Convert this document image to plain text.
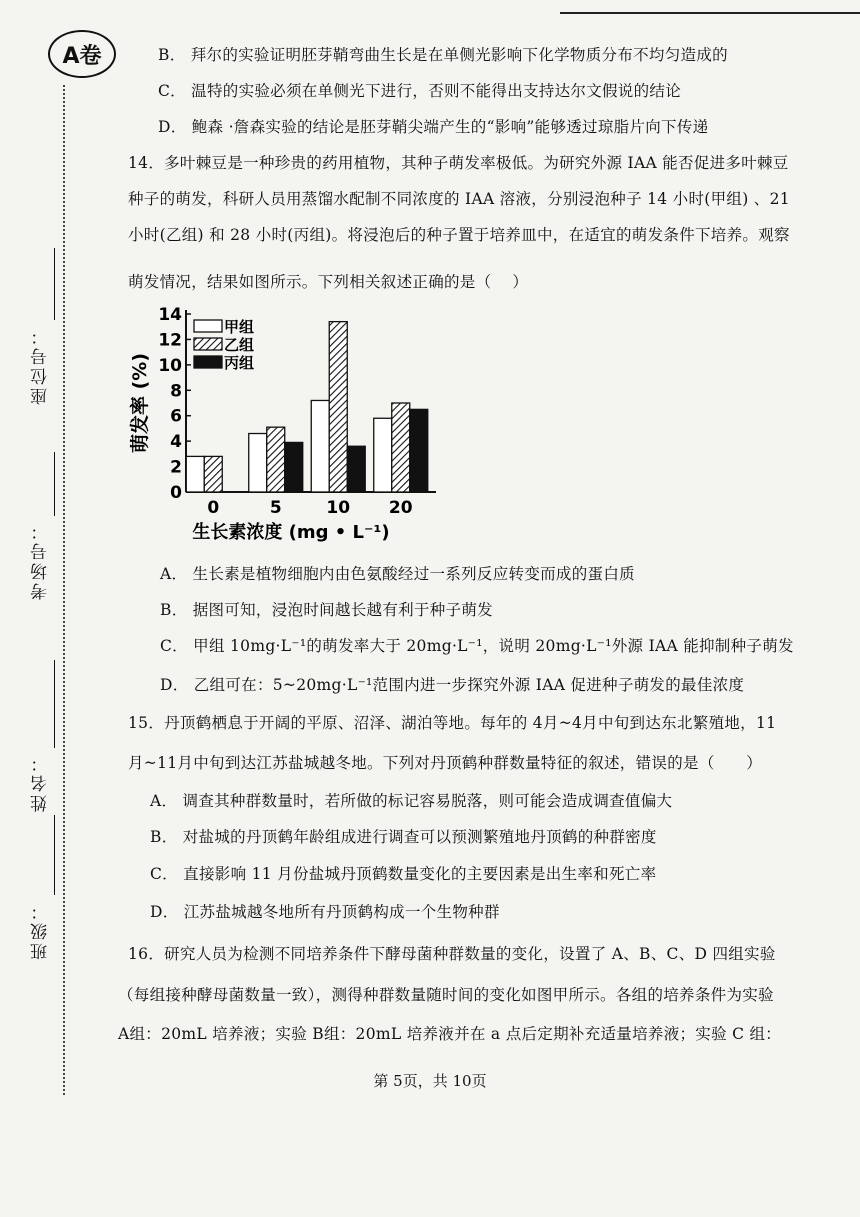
A卷
座位号：
考场号：
姓名：
班级：
B． 拜尔的实验证明胚芽鞘弯曲生长是在单侧光影响下化学物质分布不均匀造成的
C． 温特的实验必须在单侧光下进行，否则不能得出支持达尔文假说的结论
D． 鲍森 ·詹森实验的结论是胚芽鞘尖端产生的“影响”能够透过琼脂片向下传递
14．多叶棘豆是一种珍贵的药用植物，其种子萌发率极低。为研究外源 IAA 能否促进多叶棘豆
种子的萌发，科研人员用蒸馏水配制不同浓度的 IAA 溶液，分别浸泡种子 14 小时(甲组) 、21
小时(乙组) 和 28 小时(丙组)。将浸泡后的种子置于培养皿中，在适宜的萌发条件下培养。观察
萌发情况，结果如图所示。下列相关叙述正确的是（　 ）
0
2
4
6
8
10
12
14
萌发率 (%)
0	5	10 20
生长素浓度 (mg • L⁻¹)
甲组
乙组
丙组
A． 生长素是植物细胞内由色氨酸经过一系列反应转变而成的蛋白质
B． 据图可知，浸泡时间越长越有利于种子萌发
C． 甲组 10mg·L⁻¹的萌发率大于 20mg·L⁻¹，说明 20mg·L⁻¹外源 IAA 能抑制种子萌发
D． 乙组可在：5~20mg·L⁻¹范围内进一步探究外源 IAA 促进种子萌发的最佳浓度
15．丹顶鹤栖息于开阔的平原、沼泽、湖泊等地。每年的 4月~4月中旬到达东北繁殖地，11
月~11月中旬到达江苏盐城越冬地。下列对丹顶鹤种群数量特征的叙述，错误的是（　　）
A． 调查其种群数量时，若所做的标记容易脱落，则可能会造成调查值偏大
B． 对盐城的丹顶鹤年龄组成进行调查可以预测繁殖地丹顶鹤的种群密度
C． 直接影响 11 月份盐城丹顶鹤数量变化的主要因素是出生率和死亡率
D． 江苏盐城越冬地所有丹顶鹤构成一个生物种群
16．研究人员为检测不同培养条件下酵母菌种群数量的变化，设置了 A、B、C、D 四组实验
（每组接种酵母菌数量一致），测得种群数量随时间的变化如图甲所示。各组的培养条件为实验
A组：20mL 培养液；实验 B组：20mL 培养液并在 a 点后定期补充适量培养液；实验 C 组：
第 5页，共 10页
